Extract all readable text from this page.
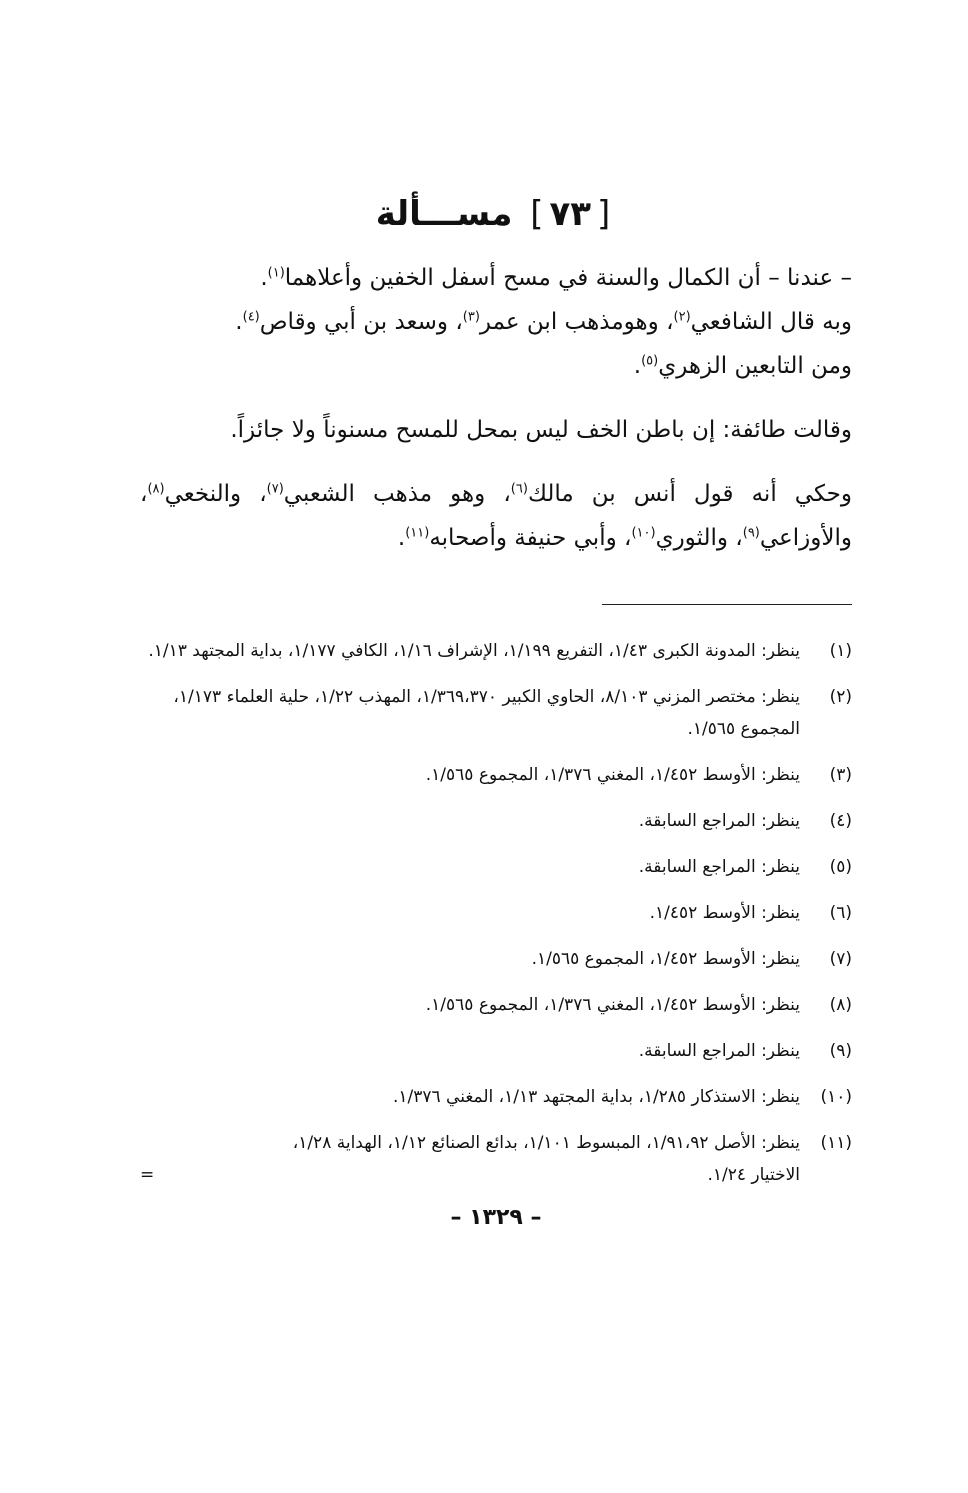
[٧٣] مســـألة
– عندنا – أن الكمال والسنة في مسح أسفل الخفين وأعلاهما$^{(١)}$.
وبه قال الشافعي$^{(٢)}$، وهومذهب ابن عمر$^{(٣)}$، وسعد بن أبي وقاص$^{(٤)}$.
ومن التابعين الزهري$^{(٥)}$.
وقالت طائفة: إن باطن الخف ليس بمحل للمسح مسنوناً ولا جائزاً.
وحكي أنه قول أنس بن مالك$^{(٦)}$، وهو مذهب الشعبي$^{(٧)}$، والنخعي$^{(٨)}$، والأوزاعي$^{(٩)}$، والثوري$^{(١٠)}$، وأبي حنيفة وأصحابه$^{(١١)}$.
(١)
ينظر: المدونة الكبرى ١/٤٣، التفريع ١/١٩٩، الإشراف ١/١٦، الكافي ١/١٧٧، بداية المجتهد ١/١٣.
(٢)
ينظر: مختصر المزني ٨/١٠٣، الحاوي الكبير ١/٣٦٩،٣٧٠، المهذب ١/٢٢، حلية العلماء ١/١٧٣، المجموع ١/٥٦٥.
(٣)
ينظر: الأوسط ١/٤٥٢، المغني ١/٣٧٦، المجموع ١/٥٦٥.
(٤)
ينظر: المراجع السابقة.
(٥)
ينظر: المراجع السابقة.
(٦)
ينظر: الأوسط ١/٤٥٢.
(٧)
ينظر: الأوسط ١/٤٥٢، المجموع ١/٥٦٥.
(٨)
ينظر: الأوسط ١/٤٥٢، المغني ١/٣٧٦، المجموع ١/٥٦٥.
(٩)
ينظر: المراجع السابقة.
(١٠)
ينظر: الاستذكار ١/٢٨٥، بداية المجتهد ١/١٣، المغني ١/٣٧٦.
(١١)
ينظر: الأصل ١/٩١،٩٢، المبسوط ١/١٠١، بدائع الصنائع ١/١٢، الهداية ١/٢٨،
الاختيار ١/٢٤.
=
– ١٣٢٩ –
